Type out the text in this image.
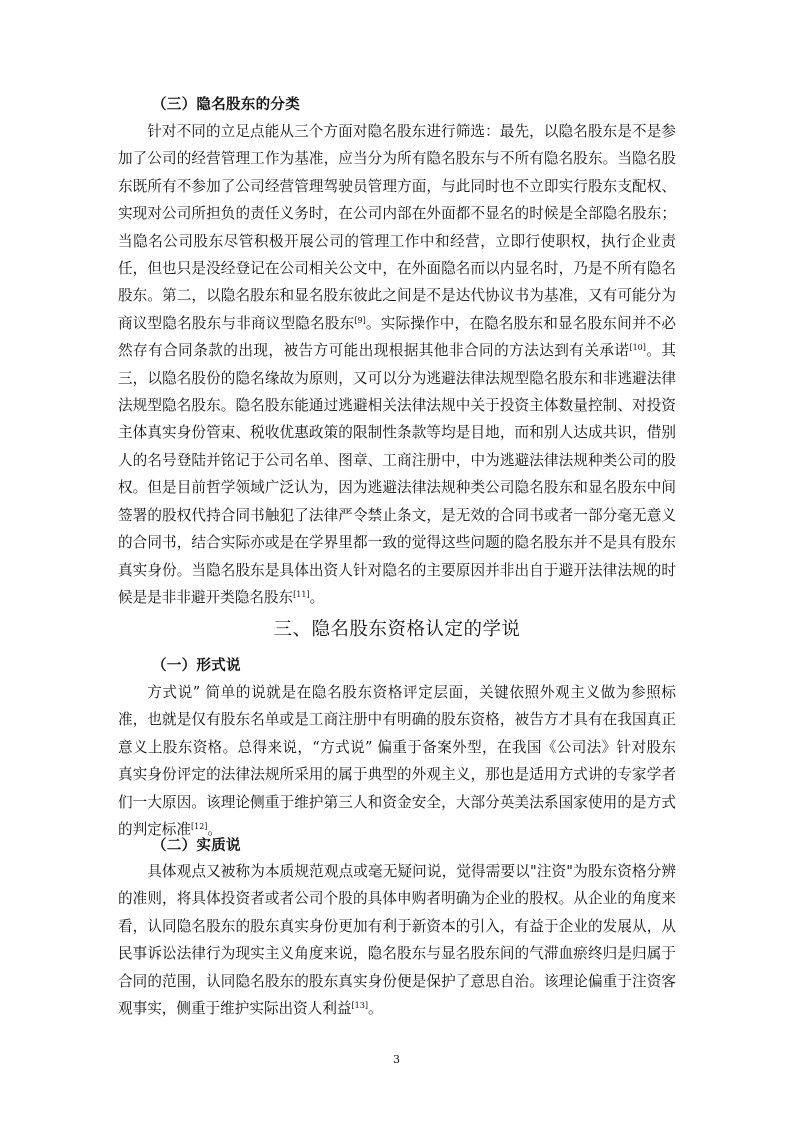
（三）隐名股东的分类

针对不同的立足点能从三个方面对隐名股东进行筛选：最先，以隐名股东是不是参加了公司的经营管理工作为基准，应当分为所有隐名股东与不所有隐名股东。当隐名股东既所有不参加了公司经营管理驾驶员管理方面，与此同时也不立即实行股东支配权、实现对公司所担负的责任义务时，在公司内部在外面都不显名的时候是全部隐名股东；当隐名公司股东尽管积极开展公司的管理工作中和经营，立即行使职权，执行企业责任，但也只是没经登记在公司相关公文中，在外面隐名而以内显名时，乃是不所有隐名股东。第二，以隐名股东和显名股东彼此之间是不是达代协议书为基准，又有可能分为商议型隐名股东与非商议型隐名股东[9]。实际操作中，在隐名股东和显名股东间并不必然存有合同条款的出现，被告方可能出现根据其他非合同的方法达到有关承诺[10]。其三，以隐名股份的隐名缘故为原则，又可以分为逃避法律法规型隐名股东和非逃避法律法规型隐名股东。隐名股东能通过逃避相关法律法规中关于投资主体数量控制、对投资主体真实身份管束、税收优惠政策的限制性条款等均是目地，而和别人达成共识，借别人的名号登陆并铭记于公司名单、图章、工商注册中，中为逃避法律法规种类公司的股权。但是目前哲学领域广泛认为，因为逃避法律法规种类公司隐名股东和显名股东中间签署的股权代持合同书触犯了法律严令禁止条文，是无效的合同书或者一部分毫无意义的合同书，结合实际亦或是在学界里都一致的觉得这些问题的隐名股东并不是具有股东真实身份。当隐名股东是具体出资人针对隐名的主要原因并非出自于避开法律法规的时候是是非非避开类隐名股东[11]。

三、隐名股东资格认定的学说
（一）形式说

方式说” 简单的说就是在隐名股东资格评定层面，关键依照外观主义做为参照标准，也就是仅有股东名单或是工商注册中有明确的股东资格，被告方才具有在我国真正意义上股东资格。总得来说，“方式说” 偏重于备案外型，在我国《公司法》针对股东真实身份评定的法律法规所采用的属于典型的外观主义，那也是适用方式讲的专家学者们一大原因。该理论侧重于维护第三人和资金安全，大部分英美法系国家使用的是方式的判定标准[12]。

（二）实质说

具体观点又被称为本质规范观点或毫无疑问说，觉得需要以"注资"为股东资格分辨的准则，将具体投资者或者公司个股的具体申购者明确为企业的股权。从企业的角度来看，认同隐名股东的股东真实身份更加有利于新资本的引入，有益于企业的发展从，从民事诉讼法律行为现实主义角度来说，隐名股东与显名股东间的气滞血瘀终归是归属于合同的范围，认同隐名股东的股东真实身份便是保护了意思自治。该理论偏重于注资客观事实，侧重于维护实际出资人利益[13]。

3
